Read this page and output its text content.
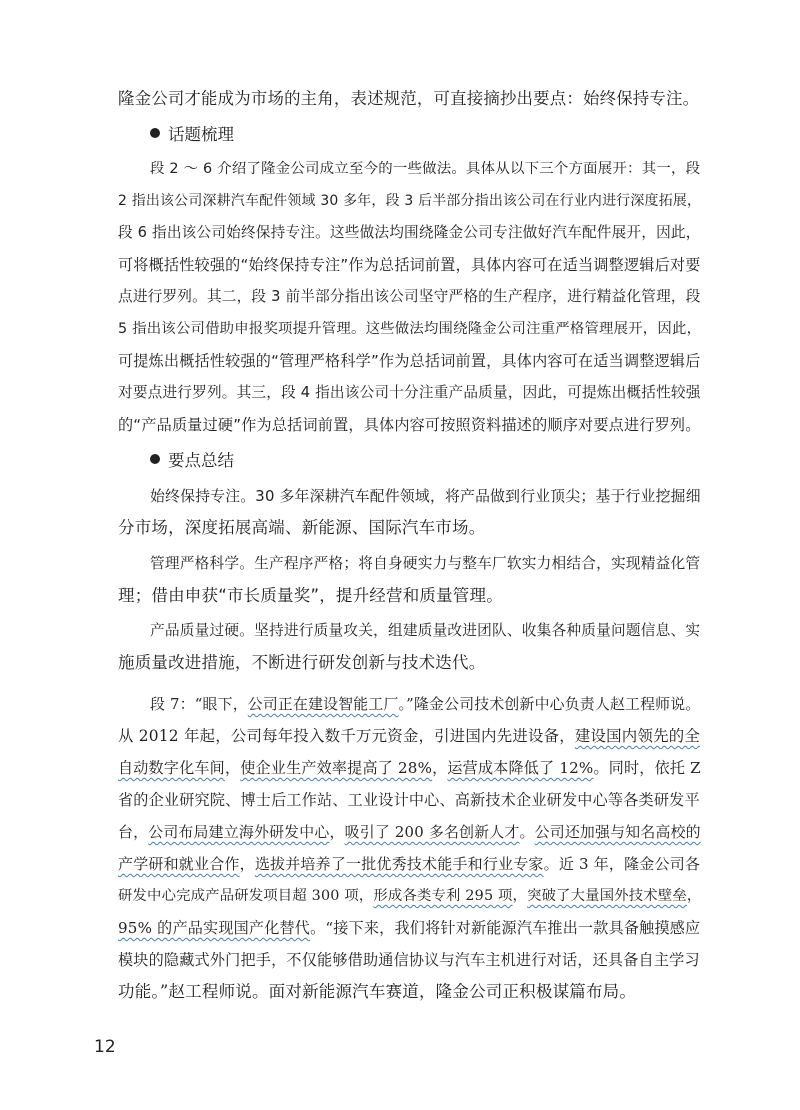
隆金公司才能成为市场的主角，表述规范，可直接摘抄出要点：始终保持专注。
话题梳理
段 2 ～ 6 介绍了隆金公司成立至今的一些做法。具体从以下三个方面展开：其一，段
2 指出该公司深耕汽车配件领域 30 多年，段 3 后半部分指出该公司在行业内进行深度拓展，
段 6 指出该公司始终保持专注。这些做法均围绕隆金公司专注做好汽车配件展开，因此，
可将概括性较强的“始终保持专注”作为总括词前置，具体内容可在适当调整逻辑后对要
点进行罗列。其二，段 3 前半部分指出该公司坚守严格的生产程序，进行精益化管理，段
5 指出该公司借助申报奖项提升管理。这些做法均围绕隆金公司注重严格管理展开，因此，
可提炼出概括性较强的“管理严格科学”作为总括词前置，具体内容可在适当调整逻辑后
对要点进行罗列。其三，段 4 指出该公司十分注重产品质量，因此，可提炼出概括性较强
的“产品质量过硬”作为总括词前置，具体内容可按照资料描述的顺序对要点进行罗列。
要点总结
始终保持专注。30 多年深耕汽车配件领域，将产品做到行业顶尖；基于行业挖掘细
分市场，深度拓展高端、新能源、国际汽车市场。
管理严格科学。生产程序严格；将自身硬实力与整车厂软实力相结合，实现精益化管
理；借由申获“市长质量奖”，提升经营和质量管理。
产品质量过硬。坚持进行质量攻关，组建质量改进团队、收集各种质量问题信息、实
施质量改进措施，不断进行研发创新与技术迭代。
段 7：“眼下，公司正在建设智能工厂。”隆金公司技术创新中心负责人赵工程师说。
从 2012 年起，公司每年投入数千万元资金，引进国内先进设备，建设国内领先的全
自动数字化车间，使企业生产效率提高了 28%，运营成本降低了 12%。同时，依托 Z
省的企业研究院、博士后工作站、工业设计中心、高新技术企业研发中心等各类研发平
台，公司布局建立海外研发中心，吸引了 200 多名创新人才。公司还加强与知名高校的
产学研和就业合作，选拔并培养了一批优秀技术能手和行业专家。近 3 年，隆金公司各
研发中心完成产品研发项目超 300 项，形成各类专利 295 项，突破了大量国外技术壁垒，
95% 的产品实现国产化替代。“接下来，我们将针对新能源汽车推出一款具备触摸感应
模块的隐藏式外门把手，不仅能够借助通信协议与汽车主机进行对话，还具备自主学习
功能。”赵工程师说。面对新能源汽车赛道，隆金公司正积极谋篇布局。
12
